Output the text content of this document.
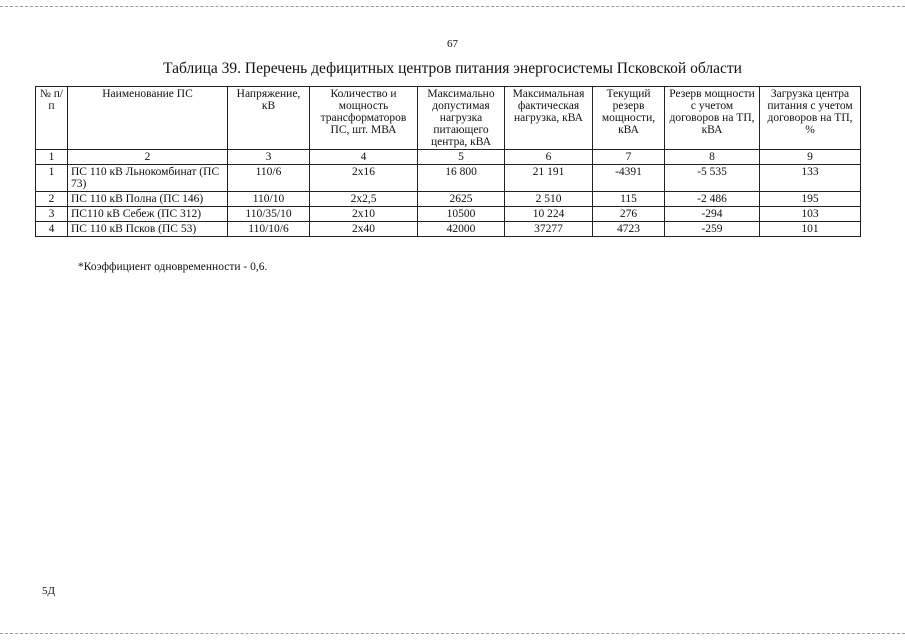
67
Таблица 39. Перечень дефицитных центров питания энергосистемы Псковской области
№ п/п	Наименование ПС	Напряжение, кВ	Количество и мощность трансформаторов ПС, шт. МВА	Максимально допустимая нагрузка питающего центра, кВА	Максимальная фактическая нагрузка, кВА	Текущий резерв мощности, кВА	Резерв мощности с учетом договоров на ТП, кВА	Загрузка центра питания с учетом договоров на ТП, %
1	2	3	4	5	6	7	8	9
1	ПС 110 кВ Льнокомбинат (ПС 73)	110/6	2х16	16 800	21 191	-4391	-5 535	133
2	ПС 110 кВ Полна (ПС 146)	110/10	2х2,5	2625	2 510	115	-2 486	195
3	ПС110 кВ Себеж (ПС 312)	110/35/10	2х10	10500	10 224	276	-294	103
4	ПС 110 кВ Псков (ПС 53)	110/10/6	2х40	42000	37277	4723	-259	101
*Коэффициент одновременности - 0,6.
5Д
